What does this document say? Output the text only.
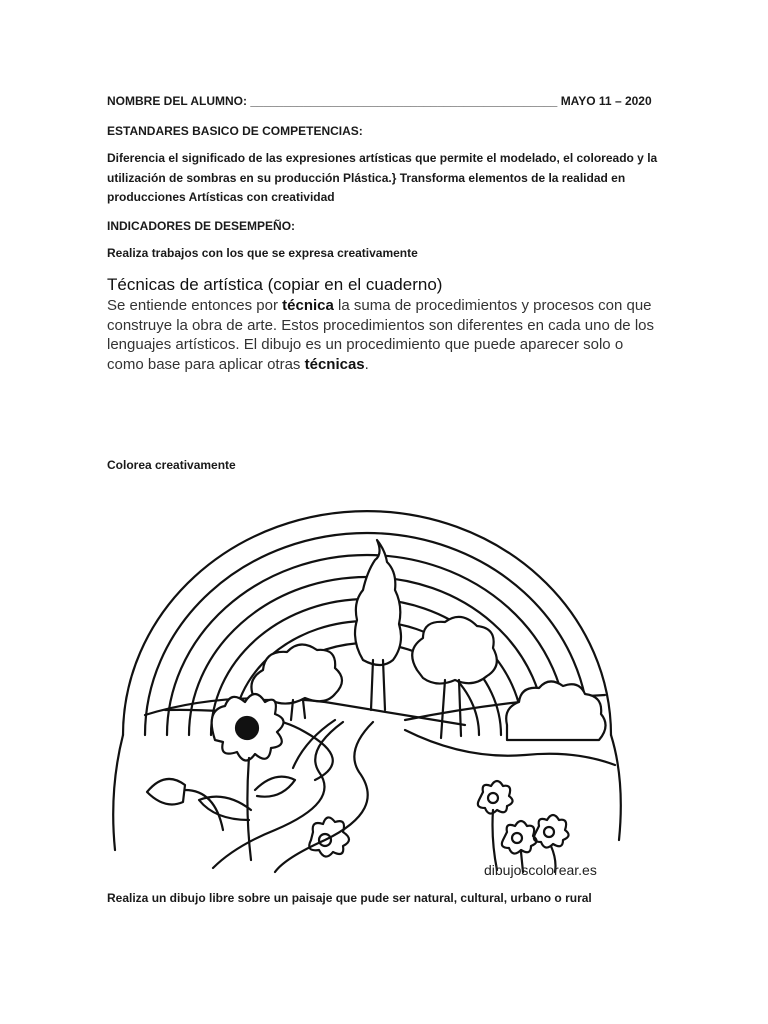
NOMBRE DEL ALUMNO: ______________________________________________ MAYO 11 – 2020
ESTANDARES BASICO DE COMPETENCIAS:
Diferencia el significado de las expresiones artísticas que permite el modelado, el coloreado y la
utilización de sombras en su producción Plástica.} Transforma elementos de la realidad en
producciones Artísticas con creatividad
INDICADORES DE DESEMPEÑO:
Realiza trabajos con los que se expresa creativamente
Técnicas de artística (copiar en el cuaderno)
Se entiende entonces por técnica la suma de procedimientos y procesos con que
construye la obra de arte. Estos procedimientos son diferentes en cada uno de los
lenguajes artísticos. El dibujo es un procedimiento que puede aparecer solo o
como base para aplicar otras técnicas.
Colorea creativamente
dibujoscolorear.es
Realiza un dibujo libre sobre un paisaje que pude ser natural, cultural, urbano o rural
